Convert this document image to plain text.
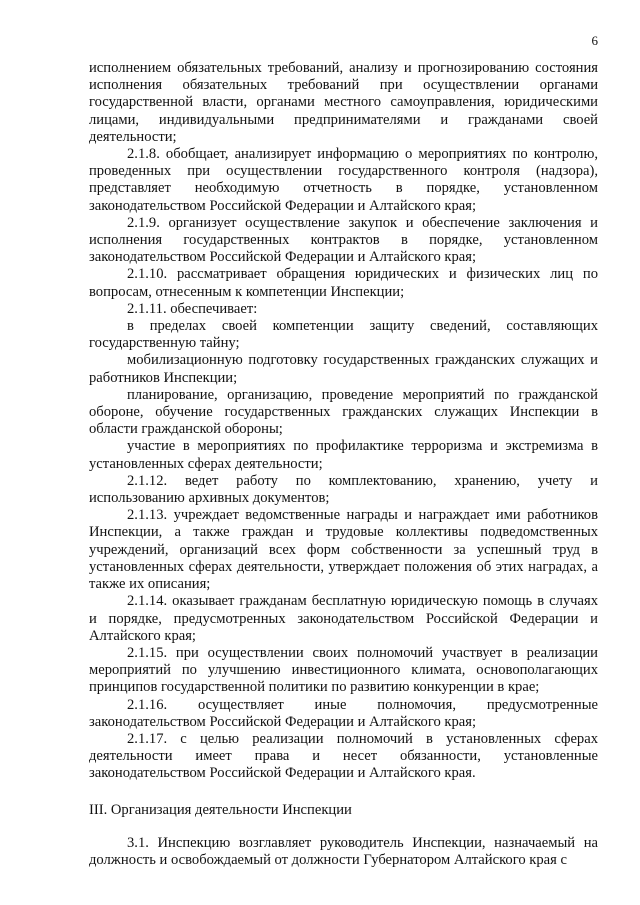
6

исполнением обязательных требований, анализу и прогнозированию состояния исполнения обязательных требований при осуществлении органами государственной власти, органами местного самоуправления, юридическими лицами, индивидуальными предпринимателями и гражданами своей деятельности;

2.1.8. обобщает, анализирует информацию о мероприятиях по контролю, проведенных при осуществлении государственного контроля (надзора), представляет необходимую отчетность в порядке, установленном законодательством Российской Федерации и Алтайского края;

2.1.9. организует осуществление закупок и обеспечение заключения и исполнения государственных контрактов в порядке, установленном законодательством Российской Федерации и Алтайского края;

2.1.10. рассматривает обращения юридических и физических лиц по вопросам, отнесенным к компетенции Инспекции;

2.1.11. обеспечивает:

в пределах своей компетенции защиту сведений, составляющих государственную тайну;

мобилизационную подготовку государственных гражданских служащих и работников Инспекции;

планирование, организацию, проведение мероприятий по гражданской обороне, обучение государственных гражданских служащих Инспекции в области гражданской обороны;

участие в мероприятиях по профилактике терроризма и экстремизма в установленных сферах деятельности;

2.1.12. ведет работу по комплектованию, хранению, учету и использованию архивных документов;

2.1.13. учреждает ведомственные награды и награждает ими работников Инспекции, а также граждан и трудовые коллективы подведомственных учреждений, организаций всех форм собственности за успешный труд в установленных сферах деятельности, утверждает положения об этих наградах, а также их описания;

2.1.14. оказывает гражданам бесплатную юридическую помощь в случаях и порядке, предусмотренных законодательством Российской Федерации и Алтайского края;

2.1.15. при осуществлении своих полномочий участвует в реализации мероприятий по улучшению инвестиционного климата, основополагающих принципов государственной политики по развитию конкуренции в крае;

2.1.16. осуществляет иные полномочия, предусмотренные законодательством Российской Федерации и Алтайского края;

2.1.17. с целью реализации полномочий в установленных сферах деятельности имеет права и несет обязанности, установленные законодательством Российской Федерации и Алтайского края.

III. Организация деятельности Инспекции

3.1. Инспекцию возглавляет руководитель Инспекции, назначаемый на должность и освобождаемый от должности Губернатором Алтайского края с
